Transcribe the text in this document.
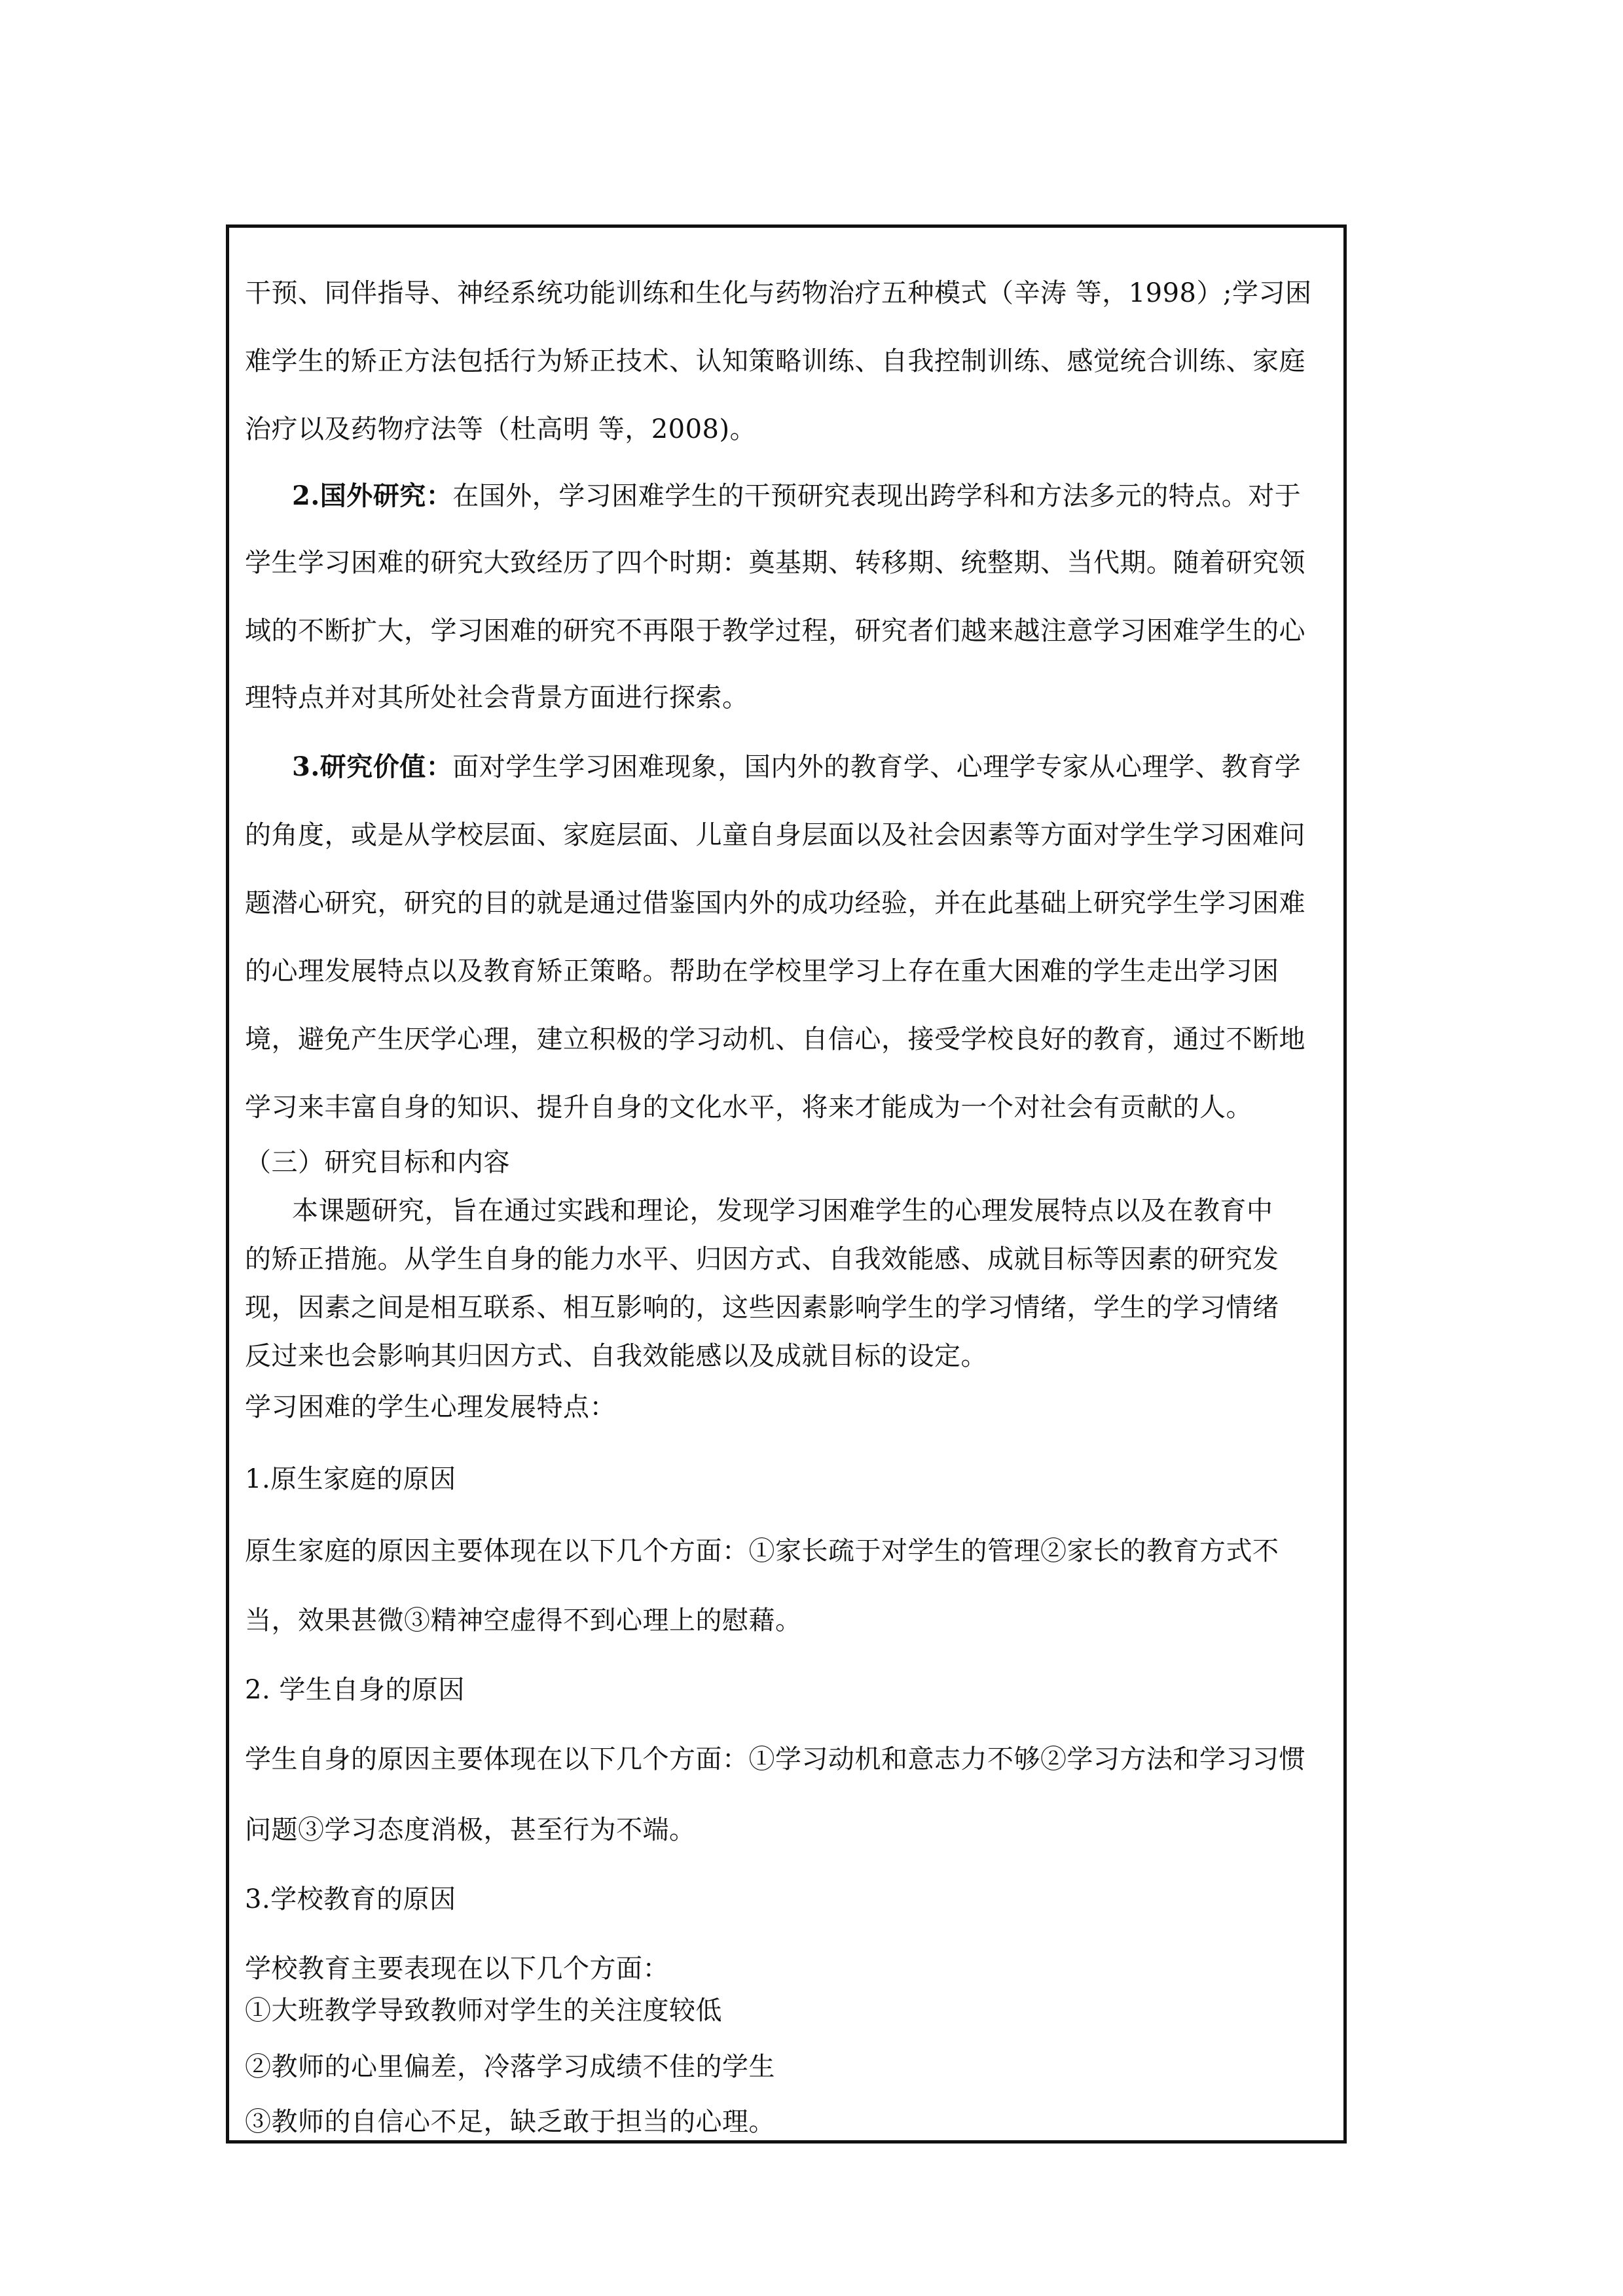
干预、同伴指导、神经系统功能训练和生化与药物治疗五种模式（辛涛 等，1998）;学习困

难学生的矫正方法包括行为矫正技术、认知策略训练、自我控制训练、感觉统合训练、家庭

治疗以及药物疗法等（杜高明 等，2008)。

2.国外研究：在国外，学习困难学生的干预研究表现出跨学科和方法多元的特点。对于

学生学习困难的研究大致经历了四个时期：奠基期、转移期、统整期、当代期。随着研究领

域的不断扩大，学习困难的研究不再限于教学过程，研究者们越来越注意学习困难学生的心

理特点并对其所处社会背景方面进行探索。

3.研究价值：面对学生学习困难现象，国内外的教育学、心理学专家从心理学、教育学

的角度，或是从学校层面、家庭层面、儿童自身层面以及社会因素等方面对学生学习困难问

题潜心研究，研究的目的就是通过借鉴国内外的成功经验，并在此基础上研究学生学习困难

的心理发展特点以及教育矫正策略。帮助在学校里学习上存在重大困难的学生走出学习困

境，避免产生厌学心理，建立积极的学习动机、自信心，接受学校良好的教育，通过不断地

学习来丰富自身的知识、提升自身的文化水平，将来才能成为一个对社会有贡献的人。

（三）研究目标和内容

本课题研究，旨在通过实践和理论，发现学习困难学生的心理发展特点以及在教育中

的矫正措施。从学生自身的能力水平、归因方式、自我效能感、成就目标等因素的研究发

现，因素之间是相互联系、相互影响的，这些因素影响学生的学习情绪，学生的学习情绪

反过来也会影响其归因方式、自我效能感以及成就目标的设定。

学习困难的学生心理发展特点：

1.原生家庭的原因

原生家庭的原因主要体现在以下几个方面：①家长疏于对学生的管理②家长的教育方式不

当，效果甚微③精神空虚得不到心理上的慰藉。

2. 学生自身的原因

学生自身的原因主要体现在以下几个方面：①学习动机和意志力不够②学习方法和学习习惯

问题③学习态度消极，甚至行为不端。

3.学校教育的原因

学校教育主要表现在以下几个方面：

①大班教学导致教师对学生的关注度较低

②教师的心里偏差，冷落学习成绩不佳的学生

③教师的自信心不足，缺乏敢于担当的心理。
